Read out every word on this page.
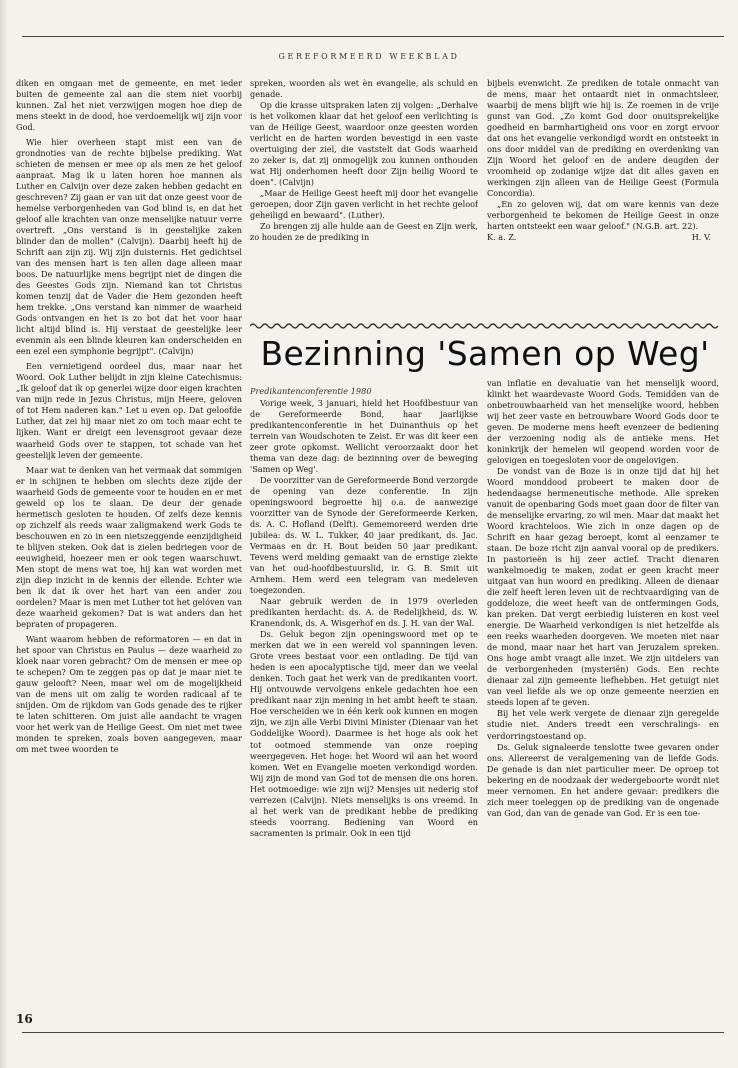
GEREFORMEERD WEEKBLAD

diken en omgaan met de gemeente, en met ieder buiten de gemeente zal aan die stem niet voorbij kunnen. Zal het niet verzwijgen mogen hoe diep de mens steekt in de dood, hoe verdoemelijk wij zijn voor God.

Wie hier overheen stapt mist een van de grondnoties van de rechte bijbelse prediking. Wat schieten de mensen er mee op als men ze het geloof aanpraat. Mag ik u laten horen hoe mannen als Luther en Calvijn over deze zaken hebben gedacht en geschreven? Zij gaan er van uit dat onze geest voor de hemelse verborgenheden van God blind is, en dat het geloof alle krachten van onze menselijke natuur verre overtreft. „Ons verstand is in geestelijke zaken blinder dan de mollen" (Calvijn). Daarbij heeft hij de Schrift aan zijn zij. Wij zijn duisternis. Het gedichtsel van des mensen hart is ten allen dage alleen maar boos. De natuurlijke mens begrijpt niet de dingen die des Geestes Gods zijn. Niemand kan tot Christus komen tenzij dat de Vader die Hem gezonden heeft hem trekke. „Ons verstand kan nimmer de waarheid Gods ontvangen en het is zo bot dat het voor haar licht altijd blind is. Hij verstaat de geestelijke leer evenmin als een blinde kleuren kan onderscheiden en een ezel een symphonie begrijpt". (Calvijn)

Een vernietigend oordeel dus, maar naar het Woord. Ook Luther belijdt in zijn kleine Catechismus: „Ik geloof dat ik op generlei wijze door eigen krachten van mijn rede in Jezus Christus, mijn Heere, geloven of tot Hem naderen kan." Let u even op. Dat geloofde Luther, dat zei hij maar niet zo om toch maar echt te lijken. Want er dreigt een levensgroot gevaar deze waarheid Gods over te stappen, tot schade van het geestelijk leven der gemeente.

Maar wat te denken van het vermaak dat sommigen er in schijnen te hebben om slechts deze zijde der waarheid Gods de gemeente voor te houden en er met geweld op los te slaan. De deur der genade hermetisch gesloten te houden. Of zelfs deze kennis op zichzelf als reeds waar zaligmakend werk Gods te beschouwen en zo in een nietszeggende eenzijdigheid te blijven steken. Ook dat is zielen bedriegen voor de eeuwigheid, hoezeer men er ook tegen waarschuwt. Men stopt de mens wat toe, hij kan wat worden met zijn diep inzicht in de kennis der ellende. Echter wie ben ik dat ik over het hart van een ander zou oordelen? Maar is men met Luther tot het gelóven van deze waarheid gekomen? Dat is wat anders dan het bepraten of propageren.

Want waarom hebben de reformatoren — en dat in het spoor van Christus en Paulus — deze waarheid zo kloek naar voren gebracht? Om de mensen er mee op te schepen? Om te zeggen pas op dat je maar niet te gauw gelooft? Neen, maar wel om de mogelijkheid van de mens uit om zalig te worden radicaal af te snijden. Om de rijkdom van Gods genade des te rijker te laten schitteren. Om juist alle aandacht te vragen voor het werk van de Heilige Geest. Om niet met twee monden te spreken, zoals boven aangegeven, maar om met twee woorden te

spreken, woorden als wet èn evangelie, als schuld en genade.

Op die krasse uitspraken laten zij volgen: „Derhalve is het volkomen klaar dat het geloof een verlichting is van de Heilige Geest, waardoor onze geesten worden verlicht en de harten worden bevestigd in een vaste overtuiging der ziel, die vaststelt dat Gods waarheid zo zeker is, dat zij onmogelijk zou kunnen onthouden wat Hij onderhomen heeft door Zijn heilig Woord te doen". (Calvijn)

„Maar de Heilige Geest heeft mij door het evangelie geroepen, door Zijn gaven verlicht in het rechte geloof geheiligd en bewaard". (Luther).

Zo brengen zij alle hulde aan de Geest en Zijn werk, zo houden ze de prediking in

bijbels evenwicht. Ze prediken de totale onmacht van de mens, maar het ontaardt niet in onmachtsleer, waarbij de mens blijft wie hij is. Ze roemen in de vrije gunst van God. „Zo komt God door onuitsprekelijke goedheid en barmhartigheid ons voor en zorgt ervoor dat ons het evangelie verkondigd wordt en ontsteekt in ons door middel van de prediking en overdenking van Zijn Woord het geloof en de andere deugden der vroomheid op zodanige wijze dat dit alles gaven en werkingen zijn alleen van de Heilige Geest (Formula Concordia).

„En zo geloven wij, dat om ware kennis van deze verborgenheid te bekomen de Heilige Geest in onze harten ontsteekt een waar geloof." (N.G.B. art. 22).

K. a. Z.	H. V.

Bezinning 'Samen op Weg'

Predikantenconferentie 1980

Vorige week, 3 januari, hield het Hoofdbestuur van de Gereformeerde Bond, haar jaarlijkse predikantenconferentie in het Duinanthuis op het terrein van Woudschoten te Zeist. Er was dit keer een zeer grote opkomst. Wellicht veroorzaakt door het thema van deze dag: de bezinning over de beweging 'Samen op Weg'.

De voorzitter van de Gereformeerde Bond verzorgde de opening van deze conferentie. In zijn openingswoord begroette hij o.a. de aanwezige voorzitter van de Synode der Gereformeerde Kerken, ds. A. C. Hofland (Delft). Gememoreerd werden drie jubilea: ds. W. L. Tukker, 40 jaar predikant, ds. Jac. Vermaas en dr. H. Bout beiden 50 jaar predikant. Tevens werd melding gemaakt van de ernstige ziekte van het oud-hoofdbestuurslid, ir. G. B. Smit uit Arnhem. Hem werd een telegram van medeleven toegezonden.

Naar gebruik werden de in 1979 overleden predikanten herdacht: ds. A. de Redelijkheid, ds. W. Kranendonk, ds. A. Wisgerhof en ds. J. H. van der Wal.

Ds. Geluk begon zijn openingswoord met op te merken dat we in een wereld vol spanningen leven. Grote vrees bestaat voor een ontlading. De tijd van heden is een apocalyptische tijd, meer dan we veelal denken. Toch gaat het werk van de predikanten voort. Hij ontvouwde vervolgens enkele gedachten hoe een predikant naar zijn mening in het ambt heeft te staan. Hoe verscheiden we in één kerk ook kunnen en mogen zijn, we zijn alle Verbi Divini Minister (Dienaar van het Goddelijke Woord). Daarmee is het hoge als ook het tot ootmoed stemmende van onze roeping weergegeven. Het hoge: het Woord wil aan het woord komen. Wet en Evangelie moeten verkondigd worden. Wij zijn de mond van God tot de mensen die ons horen. Het ootmoedige: wie zijn wij? Mensjes uit nederig stof verrezen (Calvijn). Niets menselijks is ons vreemd. In al het werk van de predikant hebbe de prediking steeds voorrang. Bediening van Woord en sacramenten is primair. Ook in een tijd

van inflatie en devaluatie van het menselijk woord, klinkt het waardevaste Woord Gods. Temidden van de onbetrouwbaarheid van het menselijke woord, hebben wij het zeer vaste en betrouwbare Woord Gods door te geven. De moderne mens heeft evenzeer de bediening der verzoening nodig als de antieke mens. Het koninkrijk der hemelen wil geopend worden voor de gelovigen en toegesloten voor de ongelovigen.

De vondst van de Boze is in onze tijd dat hij het Woord monddood probeert te maken door de hedendaagse hermeneutische methode. Alle spreken vanuit de openbaring Gods moet gaan door de filter van de menselijke ervaring, zo wil men. Maar dat maakt het Woord krachteloos. Wie zich in onze dagen op de Schrift en haar gezag beroept, komt al eenzamer te staan. De boze richt zijn aanval vooral op de predikers. In pastorieën is hij zeer actief. Tracht dienaren wankelmoedig te maken, zodat er geen kracht meer uitgaat van hun woord en prediking. Alleen de dienaar die zelf heeft leren leven uit de rechtvaardiging van de goddeloze, die weet heeft van de ontfermingen Gods, kan preken. Dat vergt eerbiedig luisteren en kost veel energie. De Waarheid verkondigen is niet hetzelfde als een reeks waarheden doorgeven. We moeten niet naar de mond, maar naar het hart van Jeruzalem spreken. Ons hoge ambt vraagt alle inzet. We zijn uitdelers van de verborgenheden (mysteriën) Gods. Een rechte dienaar zal zijn gemeente liefhebben. Het getuigt niet van veel liefde als we op onze gemeente neerzien en steeds lopen af te geven.

Bij het vele werk vergete de dienaar zijn geregelde studie niet. Anders treedt een verschralings- en verdorringstoestand op.

Ds. Geluk signaleerde tenslotte twee gevaren onder ons. Allereerst de veralgemening van de liefde Gods. De genade is dan niet particulier meer. De oproep tot bekering en de noodzaak der wedergeboorte wordt niet meer vernomen. En het andere gevaar: predikers die zich meer toeleggen op de prediking van de ongenade van God, dan van de genade van God. Er is een toe-

16
